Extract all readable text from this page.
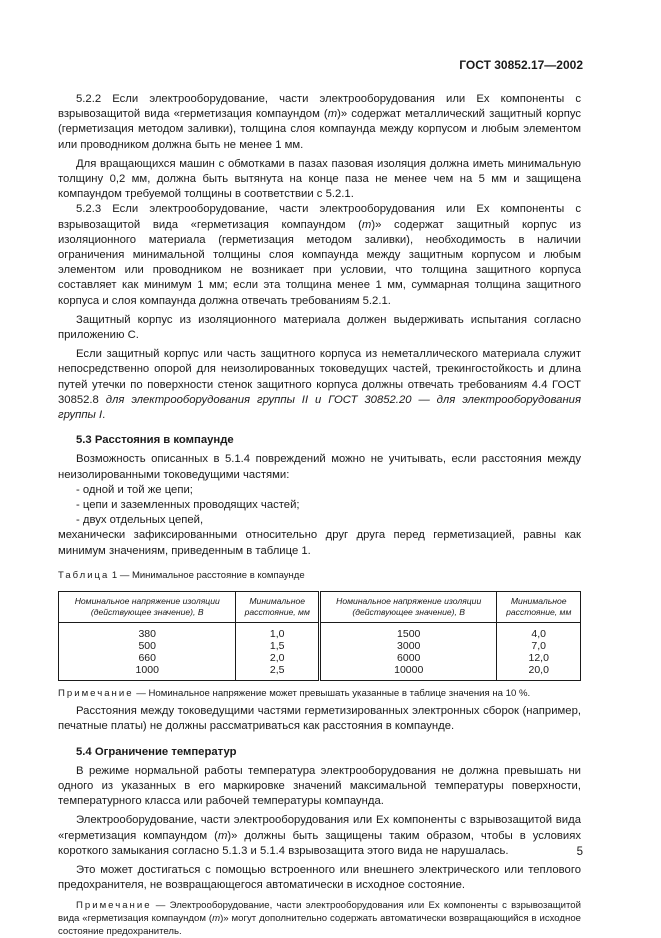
ГОСТ 30852.17—2002

5.2.2 Если электрооборудование, части электрооборудования или Ex компоненты с взрывозащитой вида «герметизация компаундом (m)» содержат металлический защитный корпус (герметизация методом заливки), толщина слоя компаунда между корпусом и любым элементом или проводником должна быть не менее 1 мм.

Для вращающихся машин с обмотками в пазах пазовая изоляция должна иметь минимальную толщину 0,2 мм, должна быть вытянута на конце паза не менее чем на 5 мм и защищена компаундом требуемой толщины в соответствии с 5.2.1.

5.2.3 Если электрооборудование, части электрооборудования или Ex компоненты с взрывозащитой вида «герметизация компаундом (m)» содержат защитный корпус из изоляционного материала (герметизация методом заливки), необходимость в наличии ограничения минимальной толщины слоя компаунда между защитным корпусом и любым элементом или проводником не возникает при условии, что толщина защитного корпуса составляет как минимум 1 мм; если эта толщина менее 1 мм, суммарная толщина защитного корпуса и слоя компаунда должна отвечать требованиям 5.2.1.

Защитный корпус из изоляционного материала должен выдерживать испытания согласно приложению С.

Если защитный корпус или часть защитного корпуса из неметаллического материала служит непосредственно опорой для неизолированных токоведущих частей, трекингостойкость и длина путей утечки по поверхности стенок защитного корпуса должны отвечать требованиям 4.4 ГОСТ 30852.8 для электрооборудования группы II и ГОСТ 30852.20 — для электрооборудования группы I.

5.3 Расстояния в компаунде

Возможность описанных в 5.1.4 повреждений можно не учитывать, если расстояния между неизолированными токоведущими частями:

- одной и той же цепи;

- цепи и заземленных проводящих частей;

- двух отдельных цепей,

механически зафиксированными относительно друг друга перед герметизацией, равны как минимум значениям, приведенным в таблице 1.

Таблица 1 — Минимальное расстояние в компаунде

Номинальное напряжение изоляции (действующее значение), В	Минимальное расстояние, мм	Номинальное напряжение изоляции (действующее значение), В	Минимальное расстояние, мм
380	1,0	1500	4,0
500	1,5	3000	7,0
660	2,0	6000	12,0
1000	2,5	10000	20,0

Примечание — Номинальное напряжение может превышать указанные в таблице значения на 10 %.

Расстояния между токоведущими частями герметизированных электронных сборок (например, печатные платы) не должны рассматриваться как расстояния в компаунде.

5.4 Ограничение температур

В режиме нормальной работы температура электрооборудования не должна превышать ни одного из указанных в его маркировке значений максимальной температуры поверхности, температурного класса или рабочей температуры компаунда.

Электрооборудование, части электрооборудования или Ex компоненты с взрывозащитой вида «герметизация компаундом (m)» должны быть защищены таким образом, чтобы в условиях короткого замыкания согласно 5.1.3 и 5.1.4 взрывозащита этого вида не нарушалась.

Это может достигаться с помощью встроенного или внешнего электрического или теплового предохранителя, не возвращающегося автоматически в исходное состояние.

Примечание — Электрооборудование, части электрооборудования или Ex компоненты с взрывозащитой вида «герметизация компаундом (m)» могут дополнительно содержать автоматически возвращающийся в исходное состояние предохранитель.

5
